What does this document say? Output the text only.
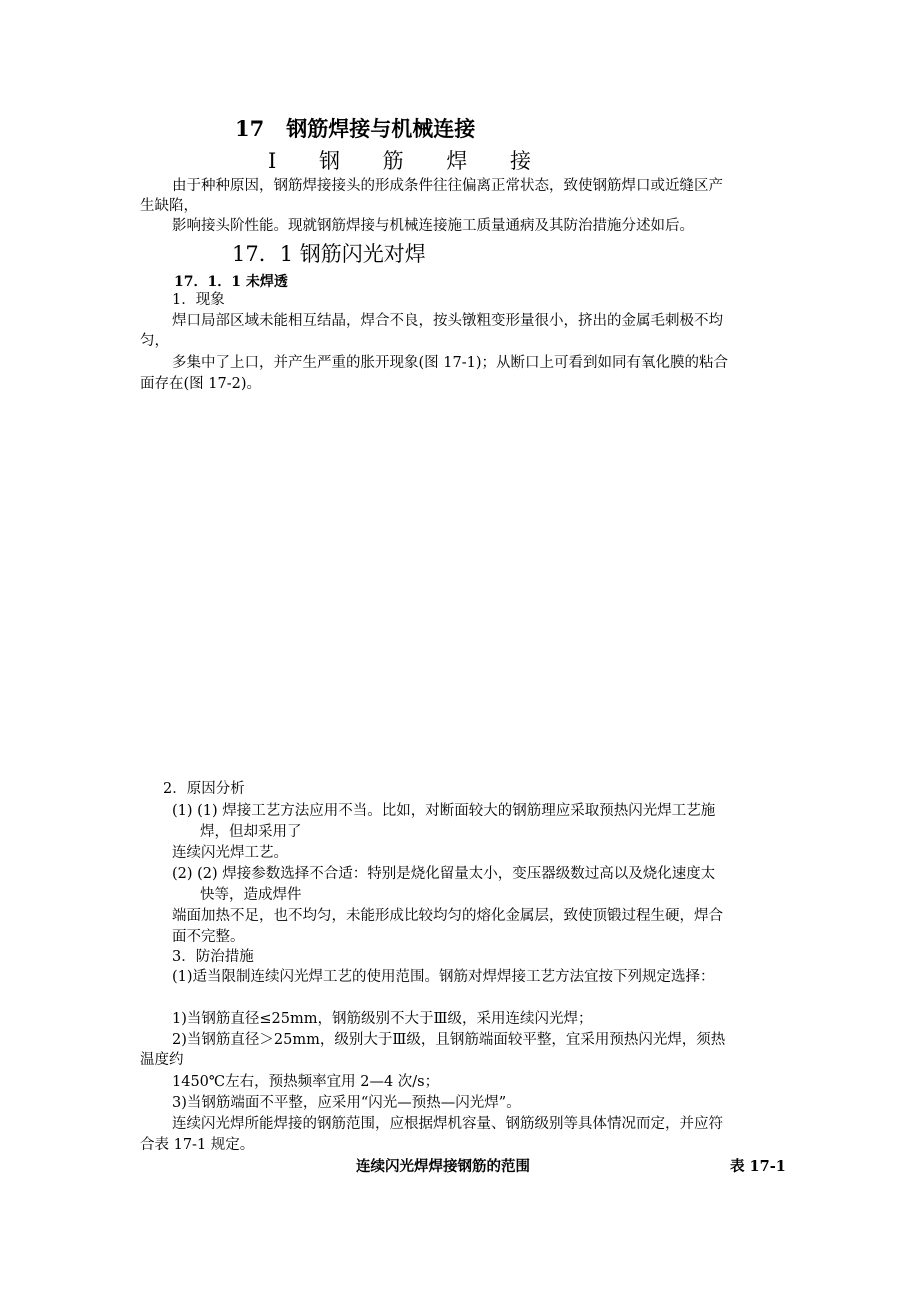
17 钢筋焊接与机械连接
Ⅰ 钢 筋 焊 接
由于种种原因，钢筋焊接接头的形成条件往往偏离正常状态，致使钢筋焊口或近缝区产
生缺陷，
影响接头阶性能。现就钢筋焊接与机械连接施工质量通病及其防治措施分述如后。
17．1 钢筋闪光对焊
17．1．1 未焊透
1．现象
焊口局部区域未能相互结晶，焊合不良，按头镦粗变形量很小，挤出的金属毛刺极不均
匀，
多集中了上口，并产生严重的胀开现象(图 17-1)；从断口上可看到如同有氧化膜的粘合
面存在(图 17-2)。
2．原因分析
(1) (1) 焊接工艺方法应用不当。比如，对断面较大的钢筋理应采取预热闪光焊工艺施
焊，但却采用了
连续闪光焊工艺。
(2) (2) 焊接参数选择不合适：特别是烧化留量太小，变压器级数过高以及烧化速度太
快等，造成焊件
端面加热不足，也不均匀，未能形成比较均匀的熔化金属层，致使顶锻过程生硬，焊合
面不完整。
3．防治措施
(1)适当限制连续闪光焊工艺的使用范围。钢筋对焊焊接工艺方法宜按下列规定选择：
1)当钢筋直径≤25mm，钢筋级别不大于Ⅲ级，采用连续闪光焊；
2)当钢筋直径＞25mm，级别大于Ⅲ级，且钢筋端面较平整，宜采用预热闪光焊，须热
温度约
1450℃左右，预热频率宜用 2—4 次/s；
3)当钢筋端面不平整，应采用“闪光—预热—闪光焊”。
连续闪光焊所能焊接的钢筋范围，应根据焊机容量、钢筋级别等具体情况而定，并应符
合表 17-1 规定。
连续闪光焊焊接钢筋的范围	表 17-1
